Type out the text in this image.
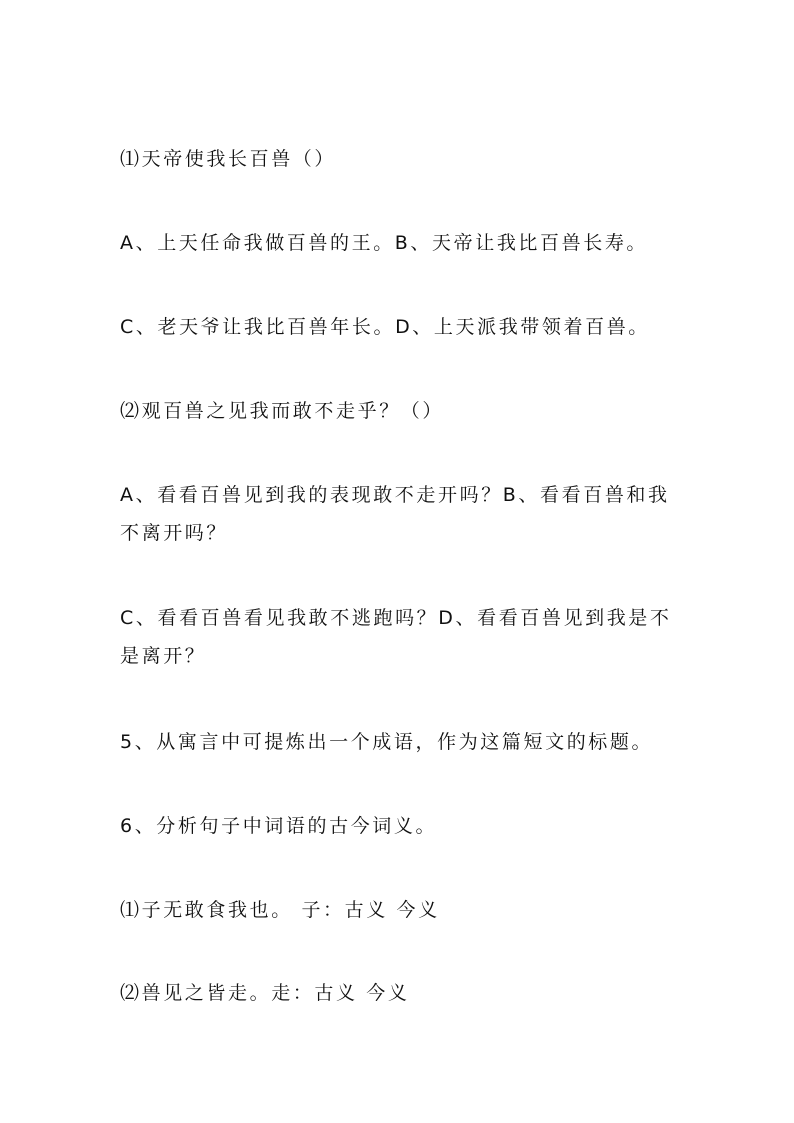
⑴天帝使我长百兽（）

A、上天任命我做百兽的王。B、天帝让我比百兽长寿。

C、老天爷让我比百兽年长。D、上天派我带领着百兽。

⑵观百兽之见我而敢不走乎？（）

A、看看百兽见到我的表现敢不走开吗？B、看看百兽和我不离开吗？

C、看看百兽看见我敢不逃跑吗？D、看看百兽见到我是不是离开？

5、从寓言中可提炼出一个成语，作为这篇短文的标题。

6、分析句子中词语的古今词义。

⑴子无敢食我也。 子：古义 今义

⑵兽见之皆走。走：古义 今义
